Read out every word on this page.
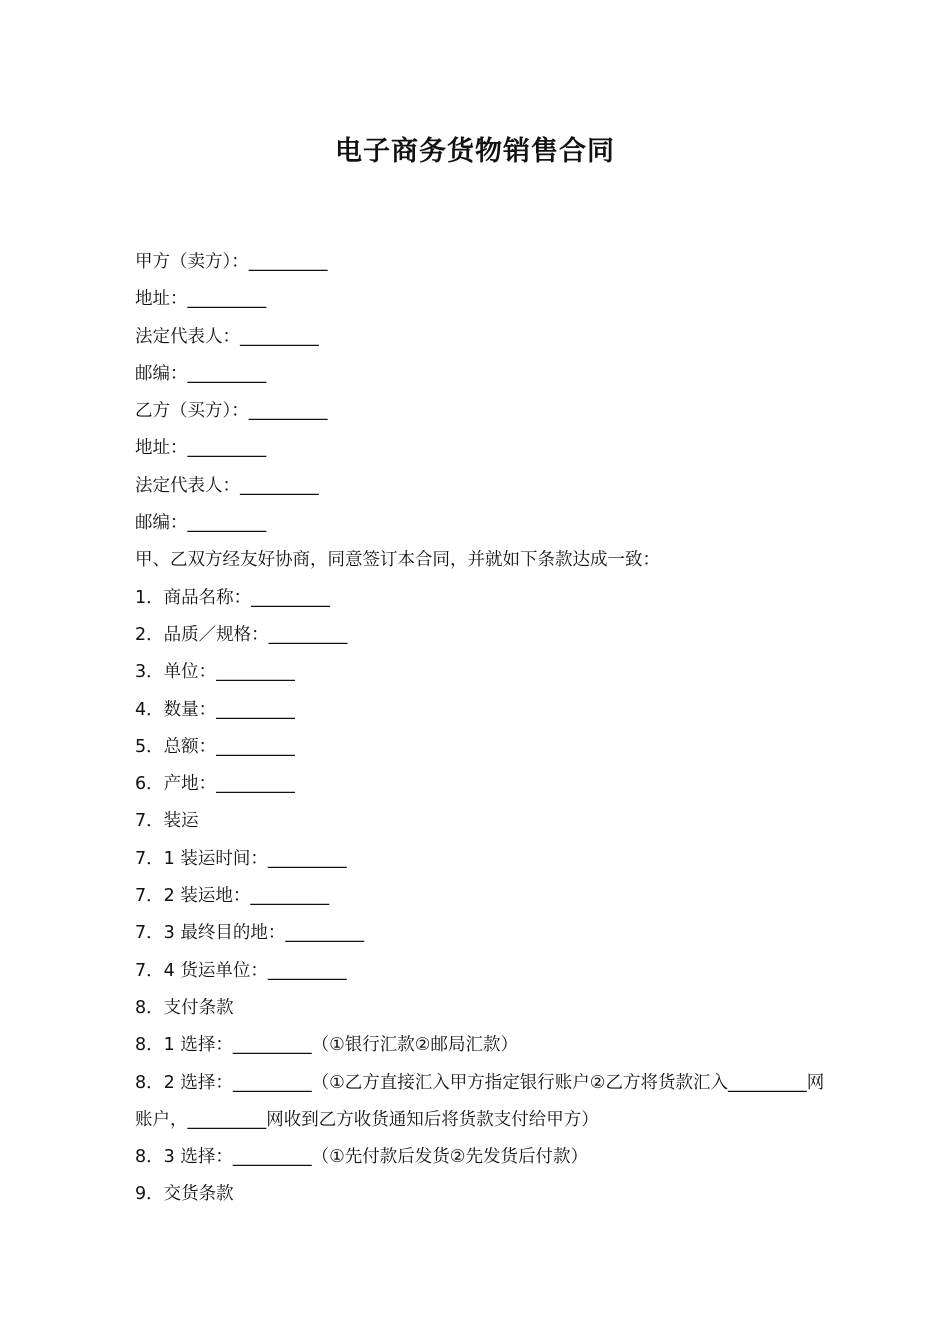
电子商务货物销售合同

甲方（卖方）：_________

地址：_________

法定代表人：_________

邮编：_________

乙方（买方）：_________

地址：_________

法定代表人：_________

邮编：_________

甲、乙双方经友好协商，同意签订本合同，并就如下条款达成一致：

1．商品名称：_________

2．品质／规格：_________

3．单位：_________

4．数量：_________

5．总额：_________

6．产地：_________

7．装运

7．1 装运时间：_________

7．2 装运地：_________

7．3 最终目的地：_________

7．4 货运单位：_________

8．支付条款

8．1 选择：_________（①银行汇款②邮局汇款）

8．2 选择：_________（①乙方直接汇入甲方指定银行账户②乙方将货款汇入_________网账户，_________网收到乙方收货通知后将货款支付给甲方）

8．3 选择：_________（①先付款后发货②先发货后付款）

9．交货条款
